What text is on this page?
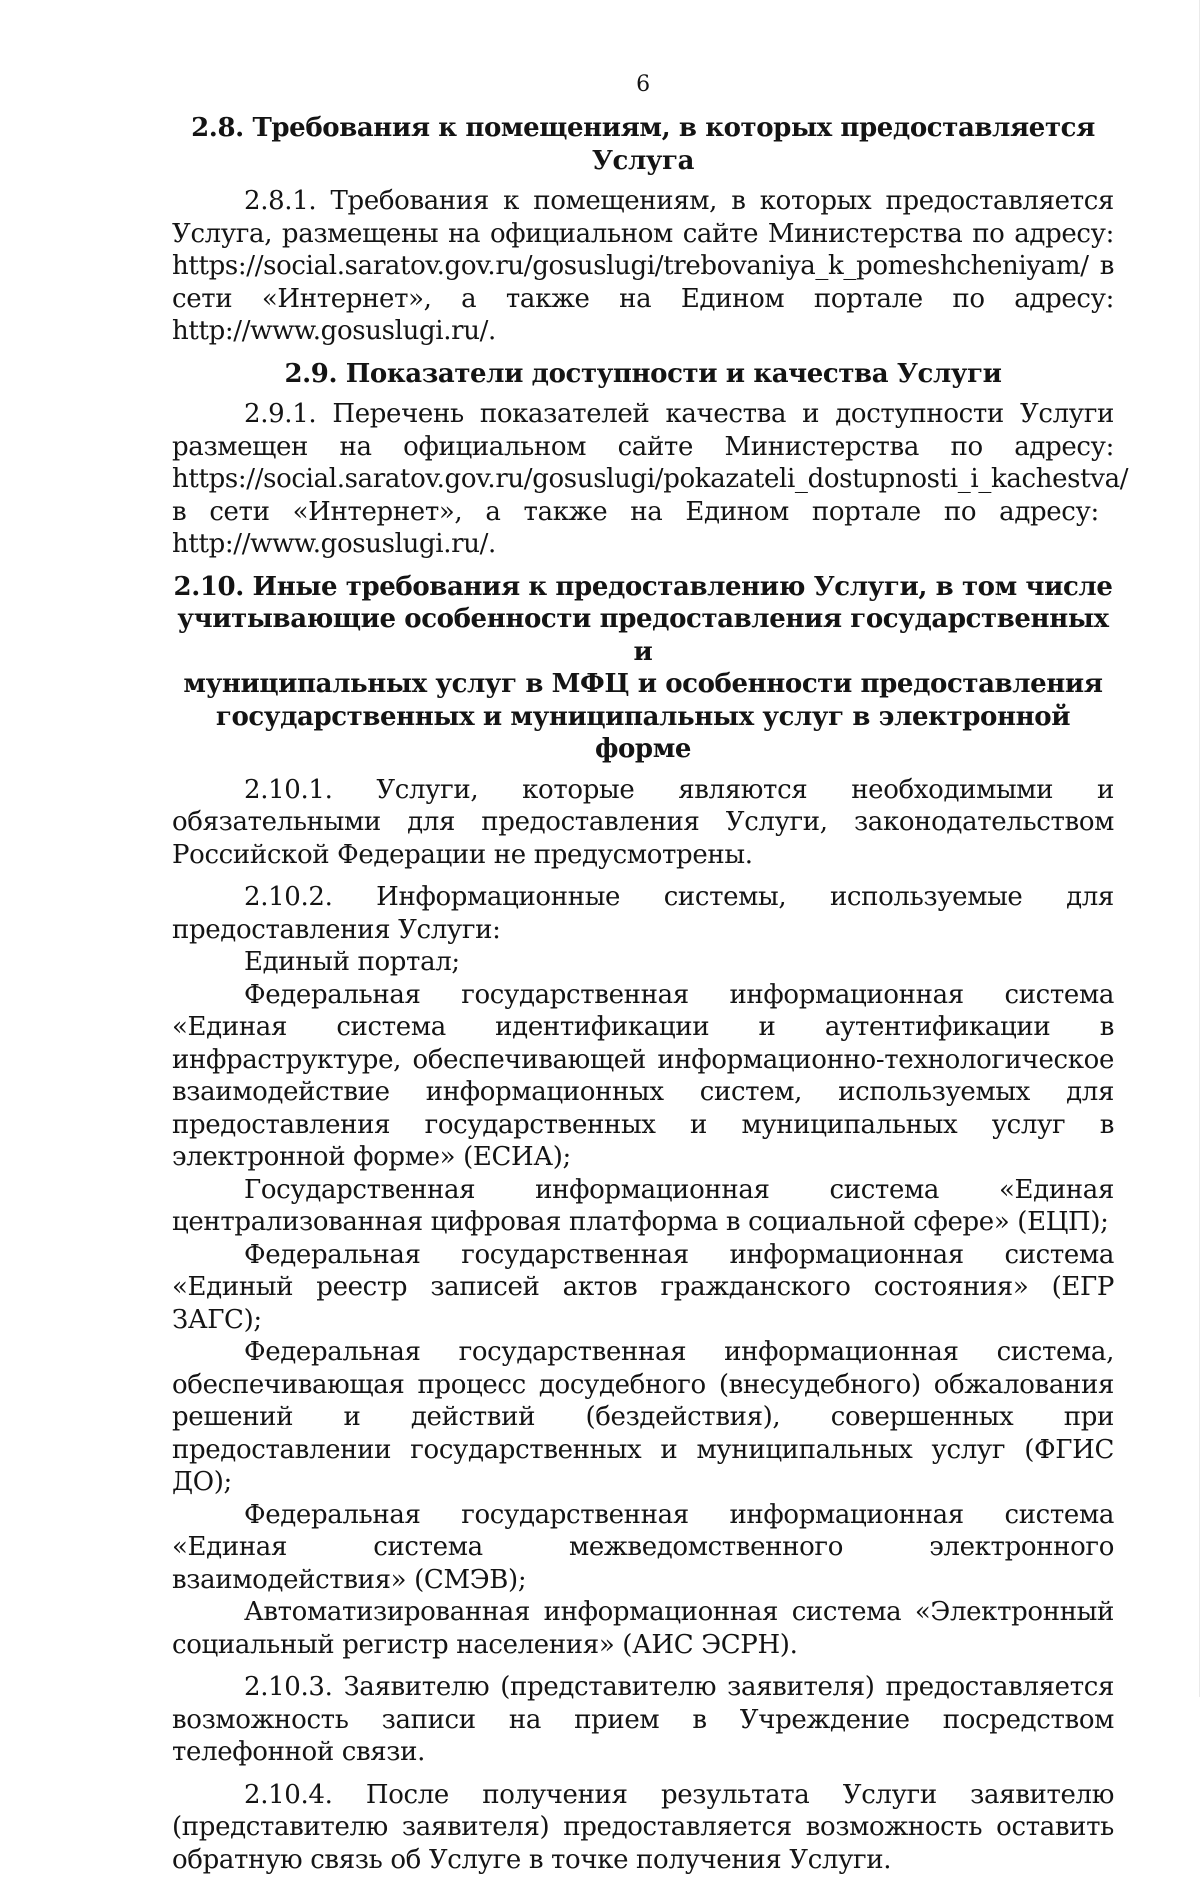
6
2.8. Требования к помещениям, в которых предоставляется Услуга

2.8.1. Требования к помещениям, в которых предоставляется Услуга, размещены на официальном сайте Министерства по адресу: https://social.saratov.gov.ru/gosuslugi/trebovaniya_k_pomeshcheniyam/ в сети «Интернет», а также на Едином портале по адресу: http://www.gosuslugi.ru/.

2.9. Показатели доступности и качества Услуги

2.9.1. Перечень показателей качества и доступности Услуги размещен на официальном сайте Министерства по адресу: https://social.saratov.gov.ru/gosuslugi/pokazateli_dostupnosti_i_kachestva/ в сети «Интернет», а также на Едином портале по адресу: http://www.gosuslugi.ru/.

2.10. Иные требования к предоставлению Услуги, в том числе
учитывающие особенности предоставления государственных и
муниципальных услуг в МФЦ и особенности предоставления
государственных и муниципальных услуг в электронной форме

2.10.1. Услуги, которые являются необходимыми и обязательными для предоставления Услуги, законодательством Российской Федерации не предусмотрены.

2.10.2. Информационные системы, используемые для предоставления Услуги:

Единый портал;

Федеральная государственная информационная система «Единая система идентификации и аутентификации в инфраструктуре, обеспечивающей информационно-технологическое взаимодействие информационных систем, используемых для предоставления государственных и муниципальных услуг в электронной форме» (ЕСИА);

Государственная информационная система «Единая централизованная цифровая платформа в социальной сфере» (ЕЦП);

Федеральная государственная информационная система «Единый реестр записей актов гражданского состояния» (ЕГР ЗАГС);

Федеральная государственная информационная система, обеспечивающая процесс досудебного (внесудебного) обжалования решений и действий (бездействия), совершенных при предоставлении государственных и муниципальных услуг (ФГИС ДО);

Федеральная государственная информационная система «Единая система межведомственного электронного взаимодействия» (СМЭВ);

Автоматизированная информационная система «Электронный социальный регистр населения» (АИС ЭСРН).

2.10.3. Заявителю (представителю заявителя) предоставляется возможность записи на прием в Учреждение посредством телефонной связи.

2.10.4. После получения результата Услуги заявителю (представителю заявителя) предоставляется возможность оставить обратную связь об Услуге в точке получения Услуги.
